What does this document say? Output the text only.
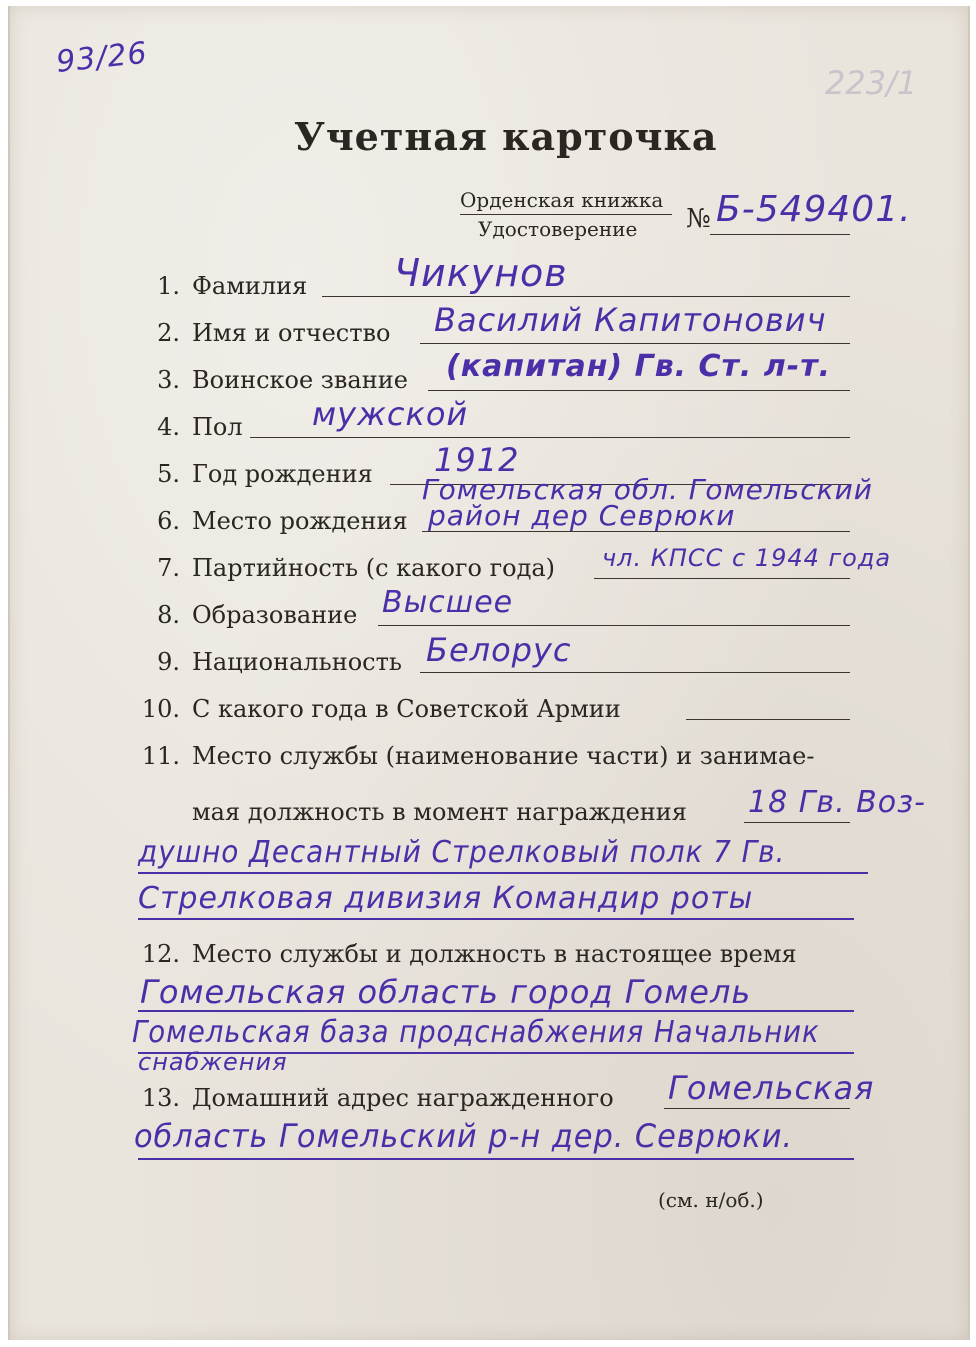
93/26
223/1
Учетная карточка
Орденская книжка
Удостоверение № Б-549401.
1. Фамилия Чикунов
2. Имя и отчество Василий Капитонович
3. Воинское звание (капитан) Гв. Ст. л-т.
4. Пол мужской
5. Год рождения 1912
Гомельская обл. Гомельский
6. Место рождения район дер Севрюки
7. Партийность (с какого года) чл. КПСС с 1944 года
8. Образование Высшее
9. Национальность Белорус
10. С какого года в Советской Армии
11. Место службы (наименование части) и занимае-
мая должность в момент награждения 18 Гв. Воз-
душно Десантный Стрелковый полк 7 Гв.
Стрелковая дивизия Командир роты
12. Место службы и должность в настоящее время
Гомельская область город Гомель
Гомельская база продснабжения Начальник
снабжения
13. Домашний адрес награжденного Гомельская
область Гомельский р-н дер. Севрюки.
(см. н/об.)
